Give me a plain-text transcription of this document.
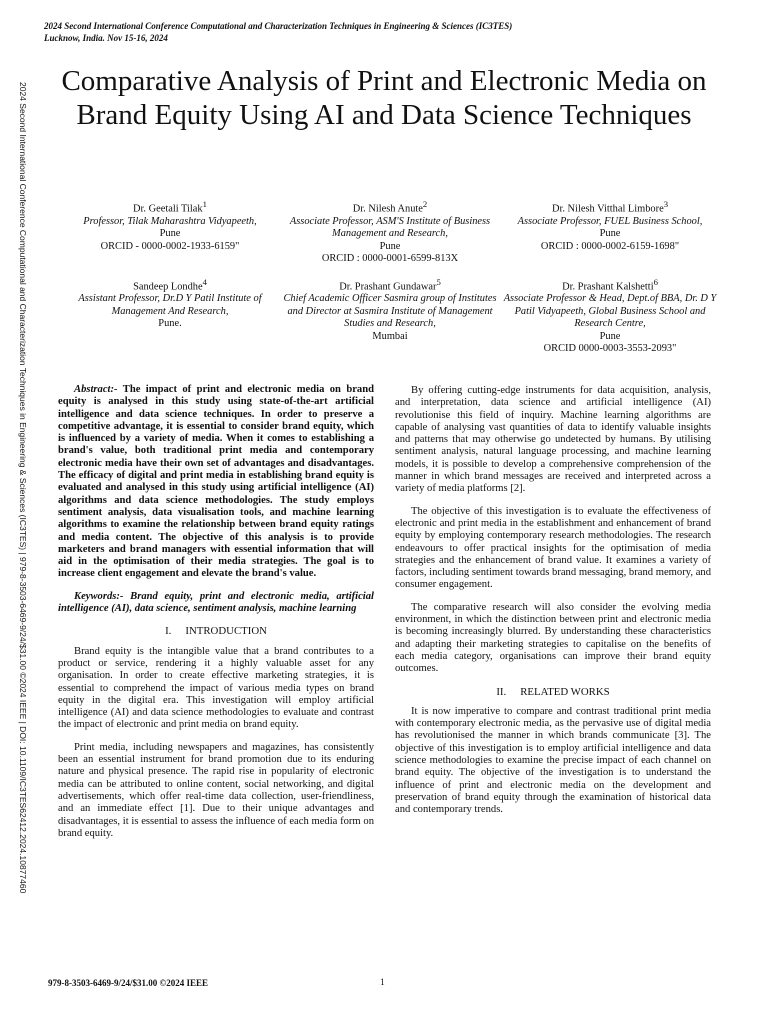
2024 Second International Conference Computational and Characterization Techniques in Engineering & Sciences (IC3TES)
Lucknow, India. Nov 15-16, 2024
2024 Second International Conference Computational and Characterization Techniques in Engineering & Sciences (IC3TES) | 979-8-3503-6469-9/24/$31.00 ©2024 IEEE | DOI: 10.1109/IC3TES62412.2024.10877460
Comparative Analysis of Print and Electronic Media on Brand Equity Using AI and Data Science Techniques
Dr. Geetali Tilak$^1$
Professor, Tilak Maharashtra Vidyapeeth,
Pune
ORCID - 0000-0002-1933-6159"
Dr. Nilesh Anute$^2$
Associate Professor, ASM'S Institute of Business Management and Research,
Pune
ORCID : 0000-0001-6599-813X
Dr. Nilesh Vitthal Limbore$^3$
Associate Professor, FUEL Business School,
Pune
ORCID : 0000-0002-6159-1698"
Sandeep Londhe$^4$
Assistant Professor, Dr.D Y Patil Institute of Management And Research,
Pune.
Dr. Prashant Gundawar$^5$
Chief Academic Officer Sasmira group of Institutes and Director at Sasmira Institute of Management Studies and Research,
Mumbai
Dr. Prashant Kalshetti$^6$
Associate Professor & Head, Dept.of BBA, Dr. D Y Patil Vidyapeeth, Global Business School and Research Centre,
Pune
ORCID 0000-0003-3553-2093"

Abstract:- The impact of print and electronic media on brand equity is analysed in this study using state-of-the-art artificial intelligence and data science techniques. In order to preserve a competitive advantage, it is essential to consider brand equity, which is influenced by a variety of media. When it comes to establishing a brand's value, both traditional print media and contemporary electronic media have their own set of advantages and disadvantages. The efficacy of digital and print media in establishing brand equity is evaluated and analysed in this study using artificial intelligence (AI) algorithms and data science methodologies. The study employs sentiment analysis, data visualisation tools, and machine learning algorithms to examine the relationship between brand equity ratings and media content. The objective of this analysis is to provide marketers and brand managers with essential information that will aid in the optimisation of their media strategies. The goal is to increase client engagement and elevate the brand's value.

Keywords:- Brand equity, print and electronic media, artificial intelligence (AI), data science, sentiment analysis, machine learning

I. INTRODUCTION

Brand equity is the intangible value that a brand contributes to a product or service, rendering it a highly valuable asset for any organisation. In order to create effective marketing strategies, it is essential to comprehend the impact of various media types on brand equity in the digital era. This investigation will employ artificial intelligence (AI) and data science methodologies to evaluate and contrast the impact of electronic and print media on brand equity.

Print media, including newspapers and magazines, has consistently been an essential instrument for brand promotion due to its enduring nature and physical presence. The rapid rise in popularity of electronic media can be attributed to online content, social networking, and digital advertisements, which offer real-time data collection, user-friendliness, and an immediate effect [1]. Due to their unique advantages and disadvantages, it is essential to assess the influence of each media form on brand equity.

By offering cutting-edge instruments for data acquisition, analysis, and interpretation, data science and artificial intelligence (AI) revolutionise this field of inquiry. Machine learning algorithms are capable of analysing vast quantities of data to identify valuable insights and patterns that may otherwise go undetected by humans. By utilising sentiment analysis, natural language processing, and machine learning models, it is possible to develop a comprehensive comprehension of the manner in which brand messages are received and interpreted across a variety of media platforms [2].

The objective of this investigation is to evaluate the effectiveness of electronic and print media in the establishment and enhancement of brand equity by employing contemporary research methodologies. The research endeavours to offer practical insights for the optimisation of media strategies and the enhancement of brand value. It examines a variety of factors, including sentiment towards brand messaging, brand memory, and consumer engagement.

The comparative research will also consider the evolving media environment, in which the distinction between print and electronic media is becoming increasingly blurred. By understanding these characteristics and adapting their marketing strategies to capitalise on the benefits of each media category, organisations can improve their brand equity outcomes.

II. RELATED WORKS

It is now imperative to compare and contrast traditional print media with contemporary electronic media, as the pervasive use of digital media has revolutionised the manner in which brands communicate [3]. The objective of this investigation is to employ artificial intelligence and data science methodologies to examine the precise impact of each channel on brand equity. The objective of the investigation is to understand the influence of print and electronic media on the development and preservation of brand equity through the examination of historical data and contemporary trends.

979-8-3503-6469-9/24/$31.00 ©2024 IEEE	1
